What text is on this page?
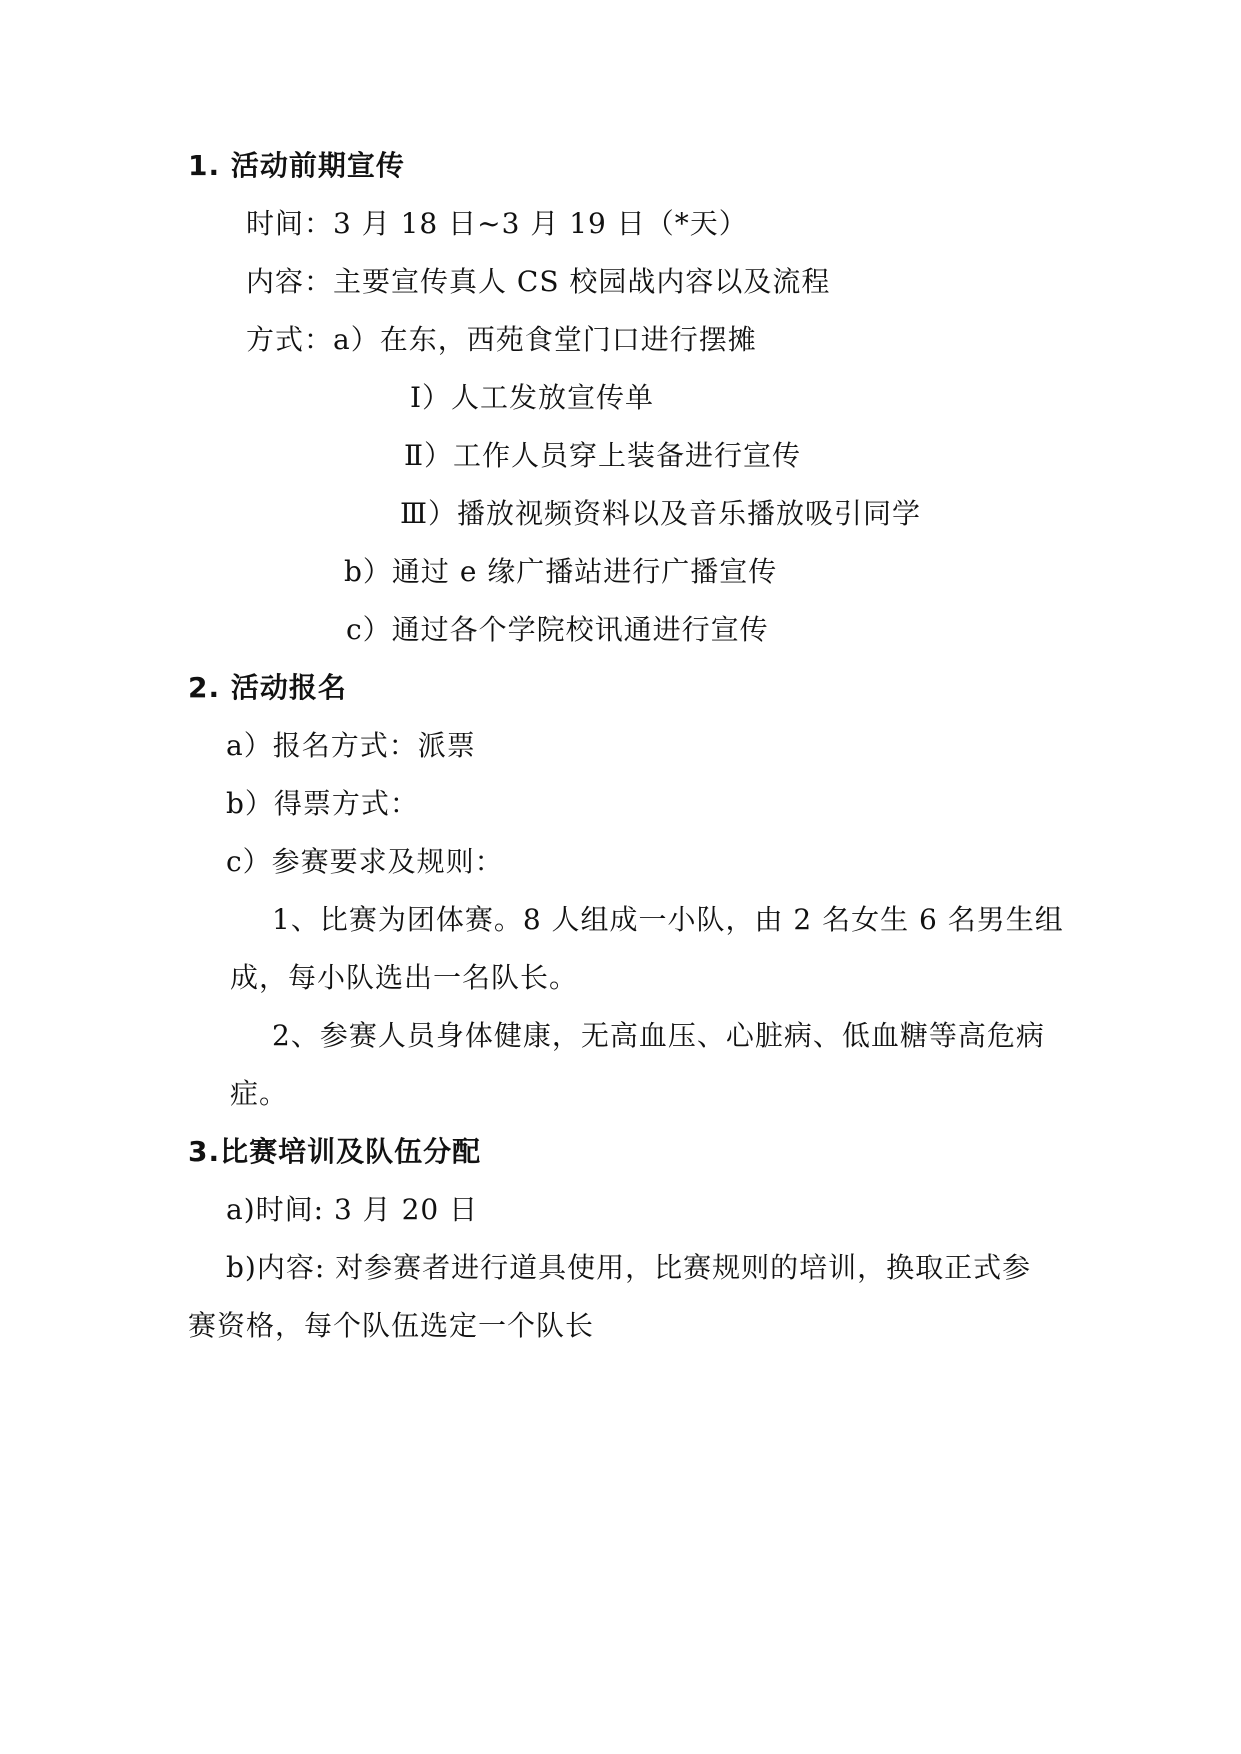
1. 活动前期宣传
时间：3 月 18 日~3 月 19 日（*天）
内容：主要宣传真人 CS 校园战内容以及流程
方式：a）在东，西苑食堂门口进行摆摊
Ⅰ）人工发放宣传单
Ⅱ）工作人员穿上装备进行宣传
Ⅲ）播放视频资料以及音乐播放吸引同学
b）通过 e 缘广播站进行广播宣传
c）通过各个学院校讯通进行宣传
2. 活动报名
a）报名方式：派票
b）得票方式：
c）参赛要求及规则：
1、比赛为团体赛。8 人组成一小队，由 2 名女生 6 名男生组
成，每小队选出一名队长。
2、参赛人员身体健康，无高血压、心脏病、低血糖等高危病
症。
3.比赛培训及队伍分配
a)时间: 3 月 20 日
b)内容: 对参赛者进行道具使用，比赛规则的培训，换取正式参
赛资格，每个队伍选定一个队长
